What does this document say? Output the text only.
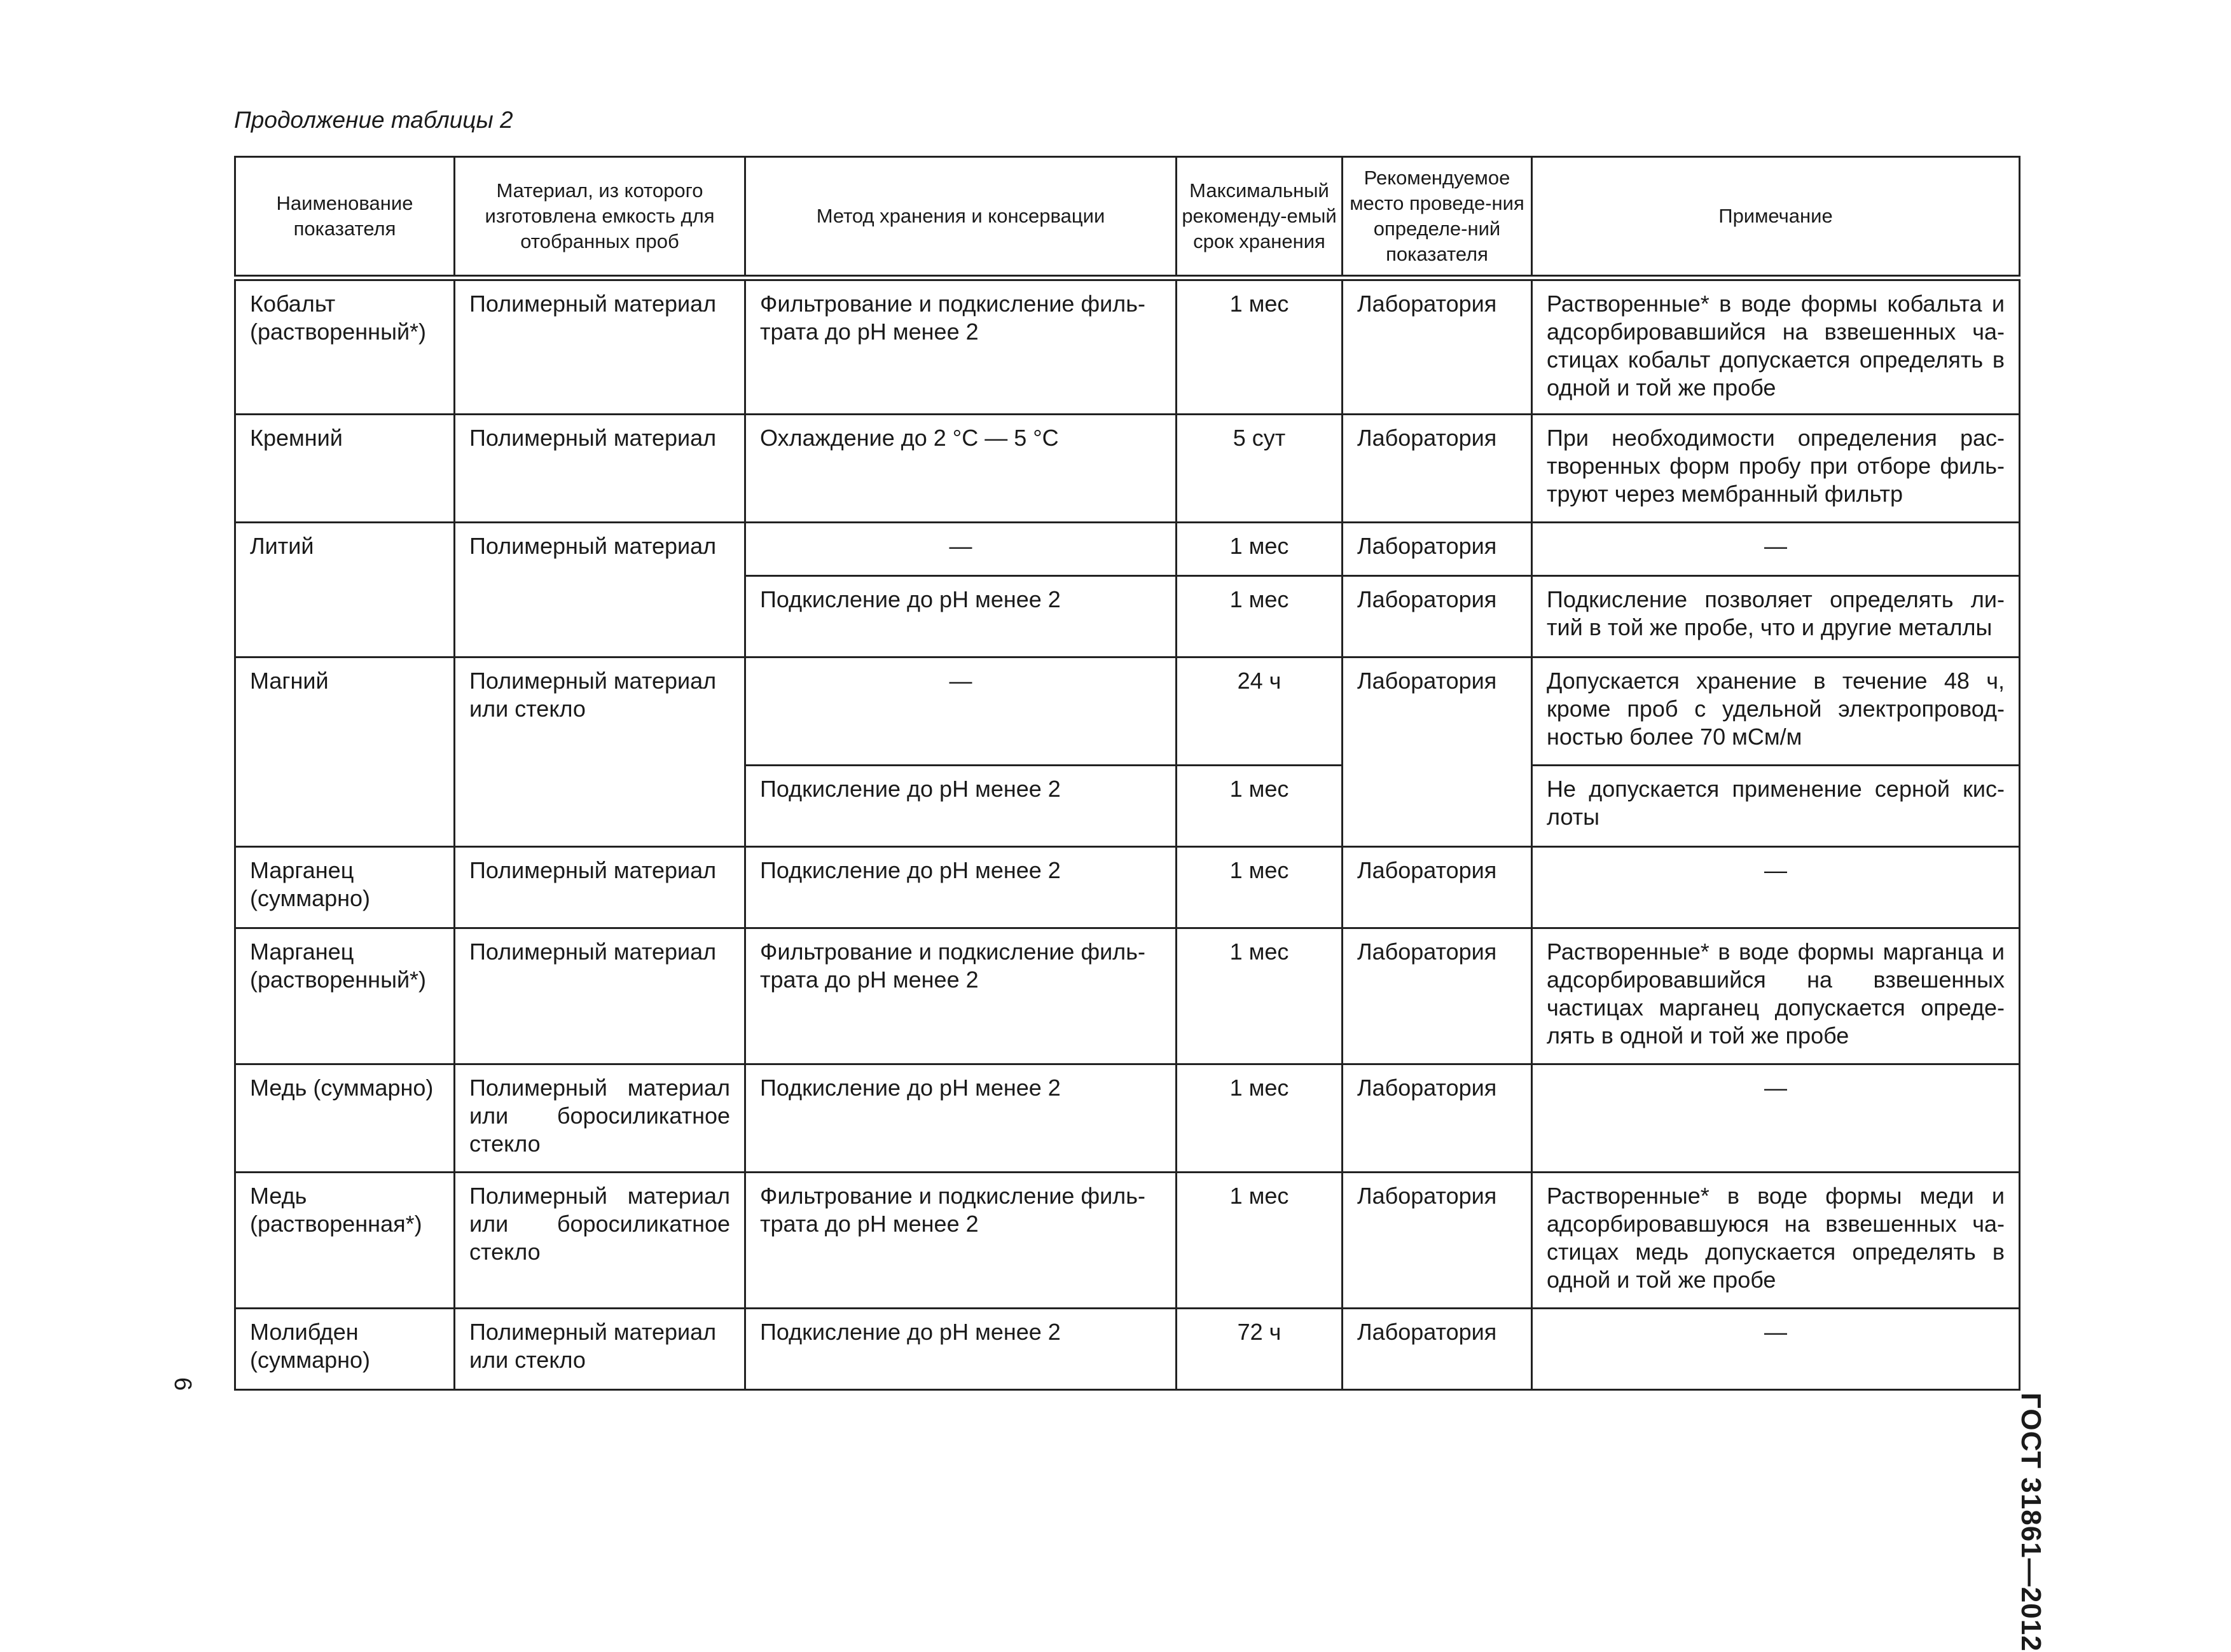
Продолжение таблицы 2
Наименование показателя	Материал, из которого изготовлена емкость для отобранных проб	Метод хранения и консервации	Максимальный рекоменду-емый срок хранения	Рекомендуемое место проведе-ния определе-ний показателя	Примечание
Кобальт (растворенный*)	Полимерный материал	Фильтрование и подкисление филь-трата до pH менее 2	1 мес	Лаборатория	Растворенные* в воде формы кобальта и адсорбировавшийся на взвешенных ча-стицах кобальт допускается определять в одной и той же пробе
Кремний	Полимерный материал	Охлаждение до 2 °С — 5 °С	5 сут	Лаборатория	При необходимости определения рас-творенных форм пробу при отборе филь-труют через мембранный фильтр
Литий	Полимерный материал	—	1 мес	Лаборатория	—
		Подкисление до pH менее 2	1 мес	Лаборатория	Подкисление позволяет определять ли-тий в той же пробе, что и другие металлы
Магний	Полимерный материал или стекло	—	24 ч	Лаборатория	Допускается хранение в течение 48 ч, кроме проб с удельной электропровод-ностью более 70 мСм/м
		Подкисление до pH менее 2	1 мес		Не допускается применение серной кис-лоты
Марганец (суммарно)	Полимерный материал	Подкисление до pH менее 2	1 мес	Лаборатория	—
Марганец (растворенный*)	Полимерный материал	Фильтрование и подкисление филь-трата до pH менее 2	1 мес	Лаборатория	Растворенные* в воде формы марганца и адсорбировавшийся на взвешенных частицах марганец допускается опреде-лять в одной и той же пробе
Медь (суммарно)	Полимерный материал или боросиликатное стекло	Подкисление до pH менее 2	1 мес	Лаборатория	—
Медь (растворенная*)	Полимерный материал или боросиликатное стекло	Фильтрование и подкисление филь-трата до pH менее 2	1 мес	Лаборатория	Растворенные* в воде формы меди и адсорбировавшуюся на взвешенных ча-стицах медь допускается определять в одной и той же пробе
Молибден (суммарно)	Полимерный материал или стекло	Подкисление до pH менее 2	72 ч	Лаборатория	—
ГОСТ 31861—2012
6
